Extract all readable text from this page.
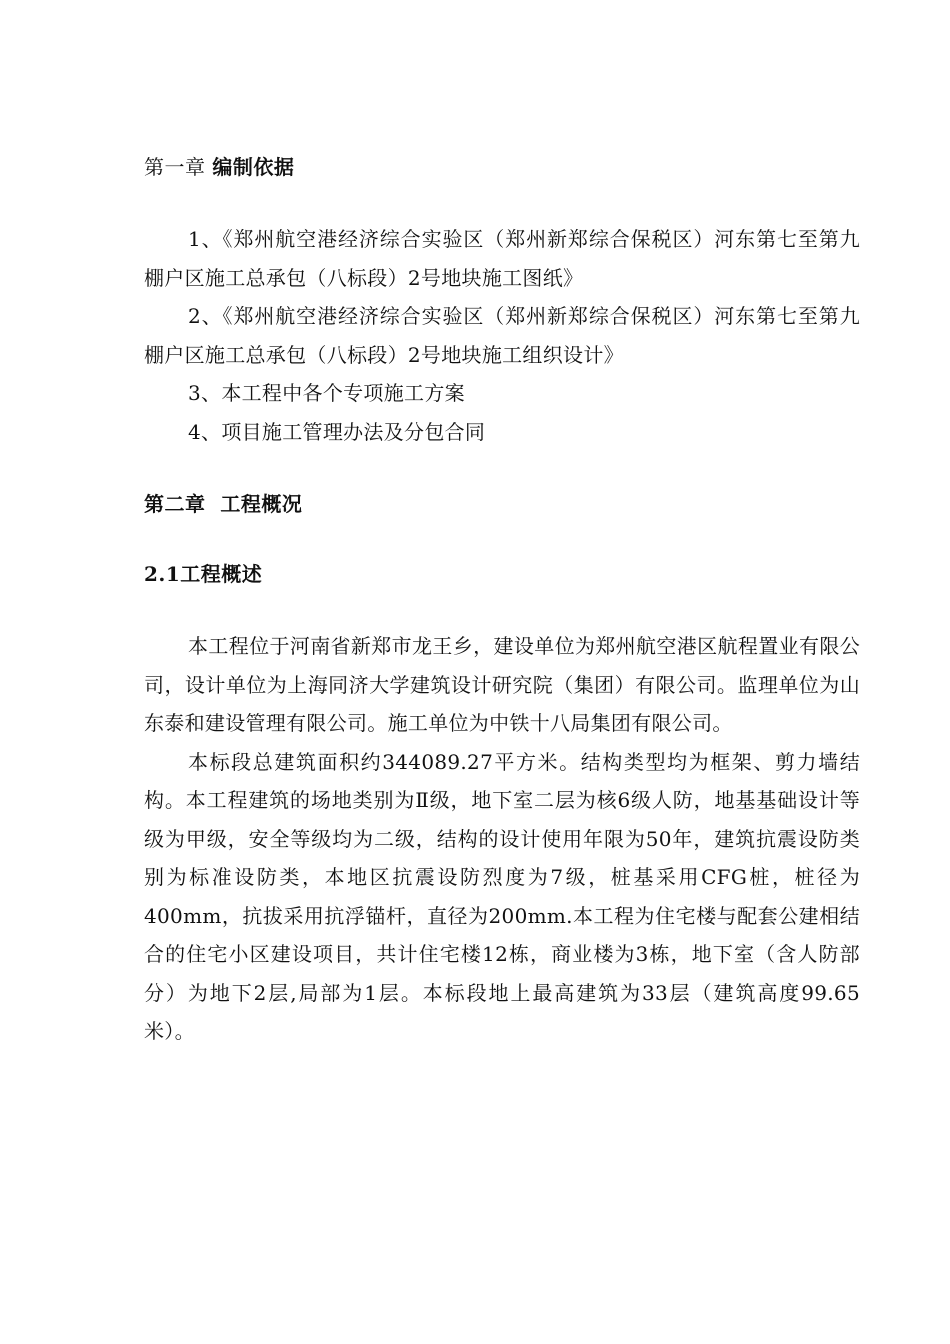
第一章 编制依据

1、《郑州航空港经济综合实验区（郑州新郑综合保税区）河东第七至第九棚户区施工总承包（八标段）2号地块施工图纸》

2、《郑州航空港经济综合实验区（郑州新郑综合保税区）河东第七至第九棚户区施工总承包（八标段）2号地块施工组织设计》

3、本工程中各个专项施工方案

4、项目施工管理办法及分包合同

第二章  工程概况
2.1工程概述

本工程位于河南省新郑市龙王乡，建设单位为郑州航空港区航程置业有限公司，设计单位为上海同济大学建筑设计研究院（集团）有限公司。监理单位为山东泰和建设管理有限公司。施工单位为中铁十八局集团有限公司。

本标段总建筑面积约344089.27平方米。结构类型均为框架、剪力墙结构。本工程建筑的场地类别为Ⅱ级，地下室二层为核6级人防，地基基础设计等级为甲级，安全等级均为二级，结构的设计使用年限为50年，建筑抗震设防类别为标准设防类，本地区抗震设防烈度为7级，桩基采用CFG桩，桩径为400mm，抗拔采用抗浮锚杆，直径为200mm.本工程为住宅楼与配套公建相结合的住宅小区建设项目，共计住宅楼12栋，商业楼为3栋，地下室（含人防部分）为地下2层,局部为1层。本标段地上最高建筑为33层（建筑高度99.65米）。
